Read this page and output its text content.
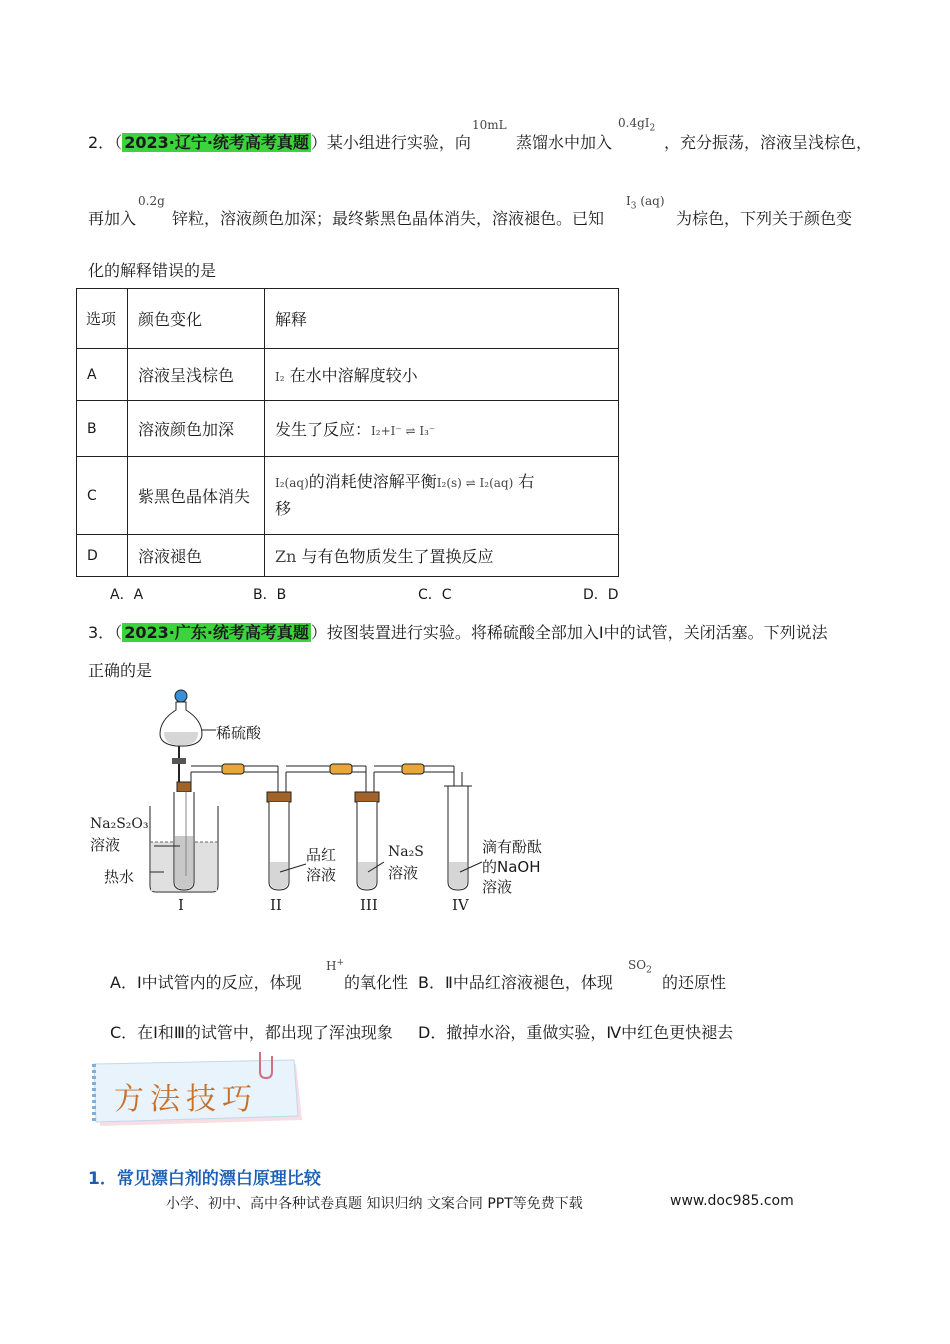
2．（ 2023·辽宁·统考高考真题 ）某小组进行实验，向
10mL
蒸馏水中加入
$0.4gI_2$
，充分振荡，溶液呈浅棕色，
再加入
0.2g
锌粒，溶液颜色加深；最终紫黑色晶体消失，溶液褪色。已知
$I_3$ (aq)
为棕色，下列关于颜色变
化的解释错误的是
选项	颜色变化	解释
A	溶液呈浅棕色	I₂ 在水中溶解度较小
B	溶液颜色加深	发生了反应：I₂+I⁻ ⇌ I₃⁻
C	紫黑色晶体消失	I₂(aq)的消耗使溶解平衡I₂(s) ⇌ I₂(aq) 右
移
D	溶液褪色	Zn 与有色物质发生了置换反应
A．A	B．B	C．C	D．D
3．（ 2023·广东·统考高考真题 ）按图装置进行实验。将稀硫酸全部加入Ⅰ中的试管，关闭活塞。下列说法
正确的是
稀硫酸
Na₂S₂O₃
溶液
热水
品红
溶液
Na₂S
溶液
滴有酚酞
的NaOH
溶液
I	II	III	IV
A．Ⅰ中试管内的反应，体现
H+
的氧化性 B．Ⅱ中品红溶液褪色，体现
$SO_2$
的还原性
C．在Ⅰ和Ⅲ的试管中，都出现了浑浊现象 D．撤掉水浴，重做实验，Ⅳ中红色更快褪去
方法技巧
1．常见漂白剂的漂白原理比较
小学、初中、高中各种试卷真题 知识归纳 文案合同 PPT等免费下载	www.doc985.com
